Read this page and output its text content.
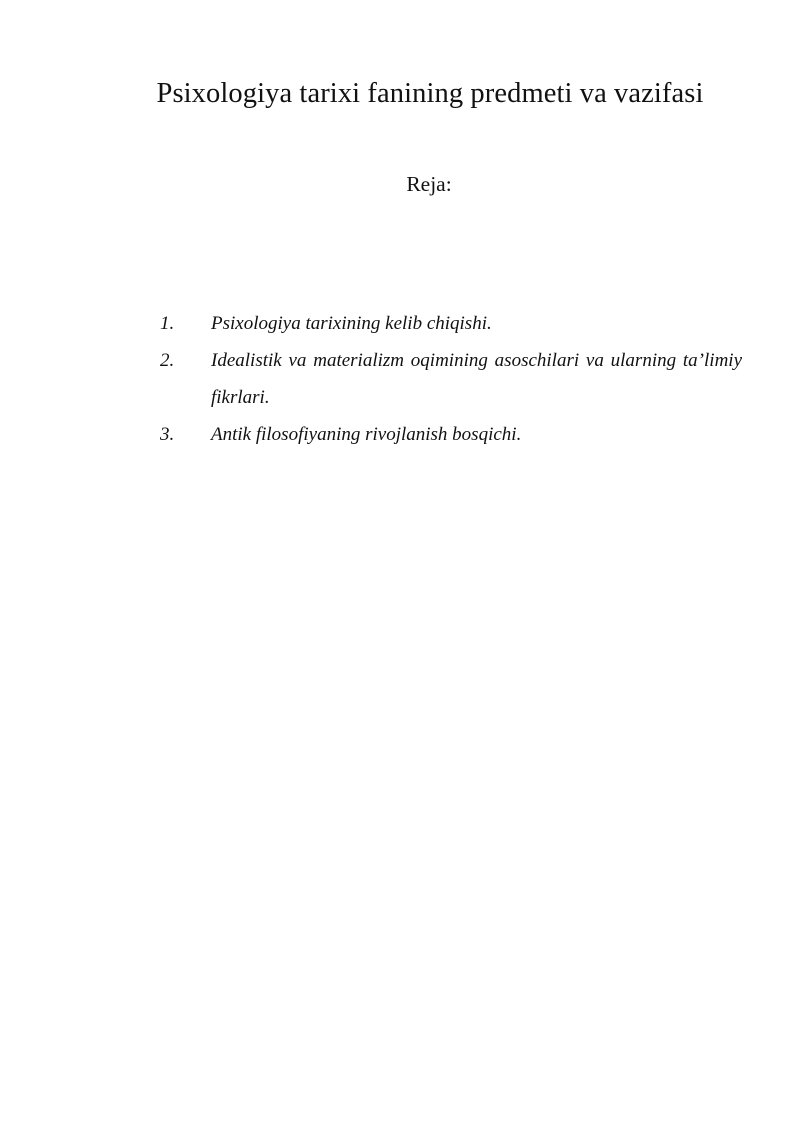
Psixologiya tarixi fanining predmeti va vazifasi

Reja:

1.	Psixologiya tarixining kelib chiqishi.
2.	Idealistik va materializm oqimining asoschilari va ularning ta’limiy fikrlari.
3.	Antik filosofiyaning rivojlanish bosqichi.
